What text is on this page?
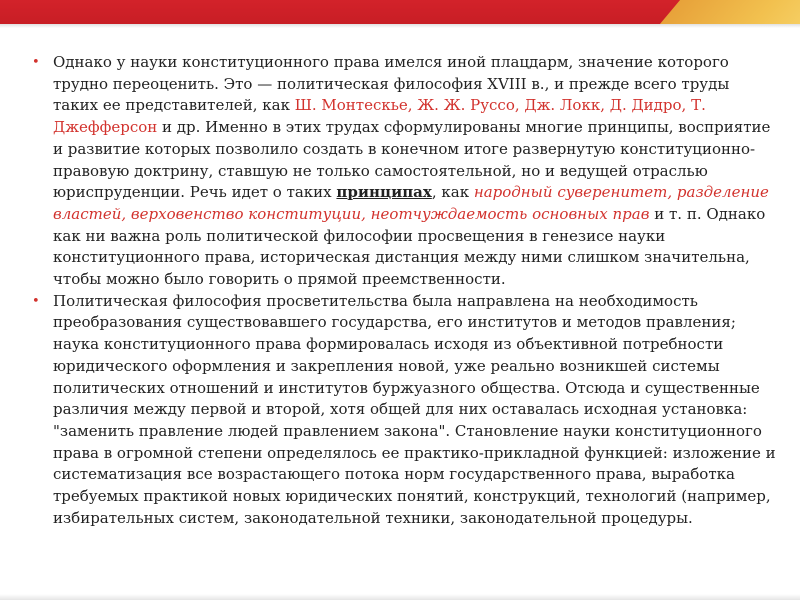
• Однако у науки конституционного права имелся иной плацдарм, значение которого трудно переоценить. Это — политическая философия XVIII в., и прежде всего труды таких ее представителей, как Ш. Монтескье, Ж. Ж. Руссо, Дж. Локк, Д. Дидро, Т. Джефферсон и др. Именно в этих трудах сформулированы многие принципы, восприятие и развитие которых позволило создать в конечном итоге развернутую конституционно-правовую доктрину, ставшую не только самостоятельной, но и ведущей отраслью юриспруденции. Речь идет о таких принципах, как народный суверенитет, разделение властей, верховенство конституции, неотчуждаемость основных прав и т. п. Однако как ни важна роль политической философии просвещения в генезисе науки конституционного права, историческая дистанция между ними слишком значительна, чтобы можно было говорить о прямой преемственности.

• Политическая философия просветительства была направлена на необходимость преобразования существовавшего государства, его институтов и методов правления; наука конституционного права формировалась исходя из объективной потребности юридического оформления и закрепления новой, уже реально возникшей системы политических отношений и институтов буржуазного общества. Отсюда и существенные различия между первой и второй, хотя общей для них оставалась исходная установка: "заменить правление людей правлением закона". Становление науки конституционного права в огромной степени определялось ее практико-прикладной функцией: изложение и систематизация все возрастающего потока норм государственного права, выработка требуемых практикой новых юридических понятий, конструкций, технологий (например, избирательных систем, законодательной техники, законодательной процедуры.
